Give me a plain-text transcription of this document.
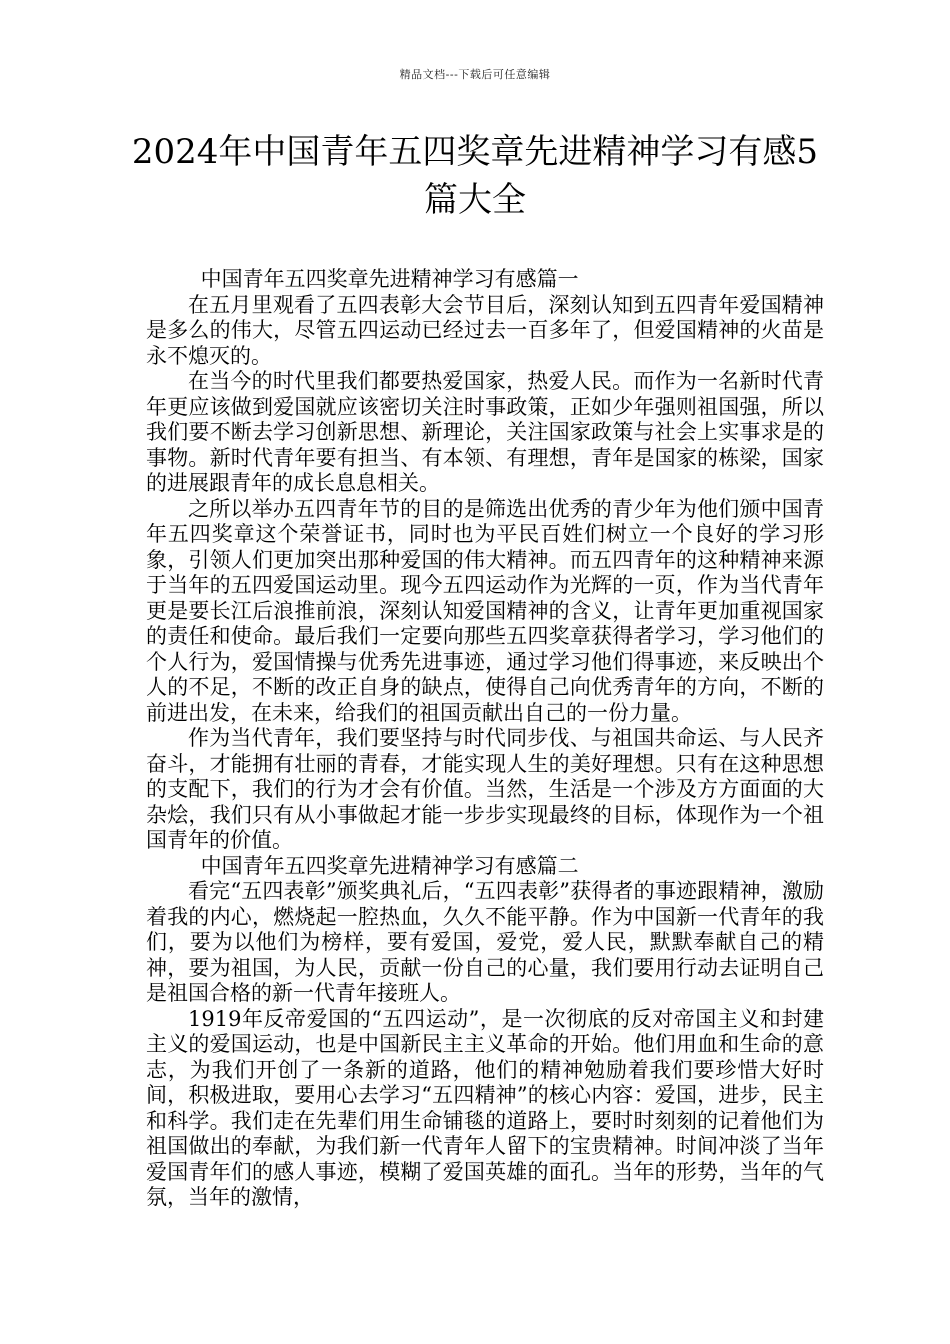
精品文档---下载后可任意编辑
2024年中国青年五四奖章先进精神学习有感5篇大全

中国青年五四奖章先进精神学习有感篇一

在五月里观看了五四表彰大会节目后，深刻认知到五四青年爱国精神是多么的伟大，尽管五四运动已经过去一百多年了，但爱国精神的火苗是永不熄灭的。

在当今的时代里我们都要热爱国家，热爱人民。而作为一名新时代青年更应该做到爱国就应该密切关注时事政策，正如少年强则祖国强，所以我们要不断去学习创新思想、新理论，关注国家政策与社会上实事求是的事物。新时代青年要有担当、有本领、有理想，青年是国家的栋梁，国家的进展跟青年的成长息息相关。

之所以举办五四青年节的目的是筛选出优秀的青少年为他们颁中国青年五四奖章这个荣誉证书，同时也为平民百姓们树立一个良好的学习形象，引领人们更加突出那种爱国的伟大精神。而五四青年的这种精神来源于当年的五四爱国运动里。现今五四运动作为光辉的一页，作为当代青年更是要长江后浪推前浪，深刻认知爱国精神的含义，让青年更加重视国家的责任和使命。最后我们一定要向那些五四奖章获得者学习，学习他们的个人行为，爱国情操与优秀先进事迹，通过学习他们得事迹，来反映出个人的不足，不断的改正自身的缺点，使得自己向优秀青年的方向，不断的前进出发，在未来，给我们的祖国贡献出自己的一份力量。

作为当代青年，我们要坚持与时代同步伐、与祖国共命运、与人民齐奋斗，才能拥有壮丽的青春，才能实现人生的美好理想。只有在这种思想的支配下，我们的行为才会有价值。当然，生活是一个涉及方方面面的大杂烩，我们只有从小事做起才能一步步实现最终的目标，体现作为一个祖国青年的价值。

中国青年五四奖章先进精神学习有感篇二

看完“五四表彰”颁奖典礼后，“五四表彰”获得者的事迹跟精神，激励着我的内心，燃烧起一腔热血，久久不能平静。作为中国新一代青年的我们，要为以他们为榜样，要有爱国，爱党，爱人民，默默奉献自己的精神，要为祖国，为人民，贡献一份自己的心量，我们要用行动去证明自己是祖国合格的新一代青年接班人。

1919年反帝爱国的“五四运动”，是一次彻底的反对帝国主义和封建主义的爱国运动，也是中国新民主主义革命的开始。他们用血和生命的意志，为我们开创了一条新的道路，他们的精神勉励着我们要珍惜大好时间，积极进取，要用心去学习“五四精神”的核心内容：爱国，进步，民主和科学。我们走在先辈们用生命铺毯的道路上，要时时刻刻的记着他们为祖国做出的奉献，为我们新一代青年人留下的宝贵精神。时间冲淡了当年爱国青年们的感人事迹，模糊了爱国英雄的面孔。当年的形势，当年的气氛，当年的激情，
